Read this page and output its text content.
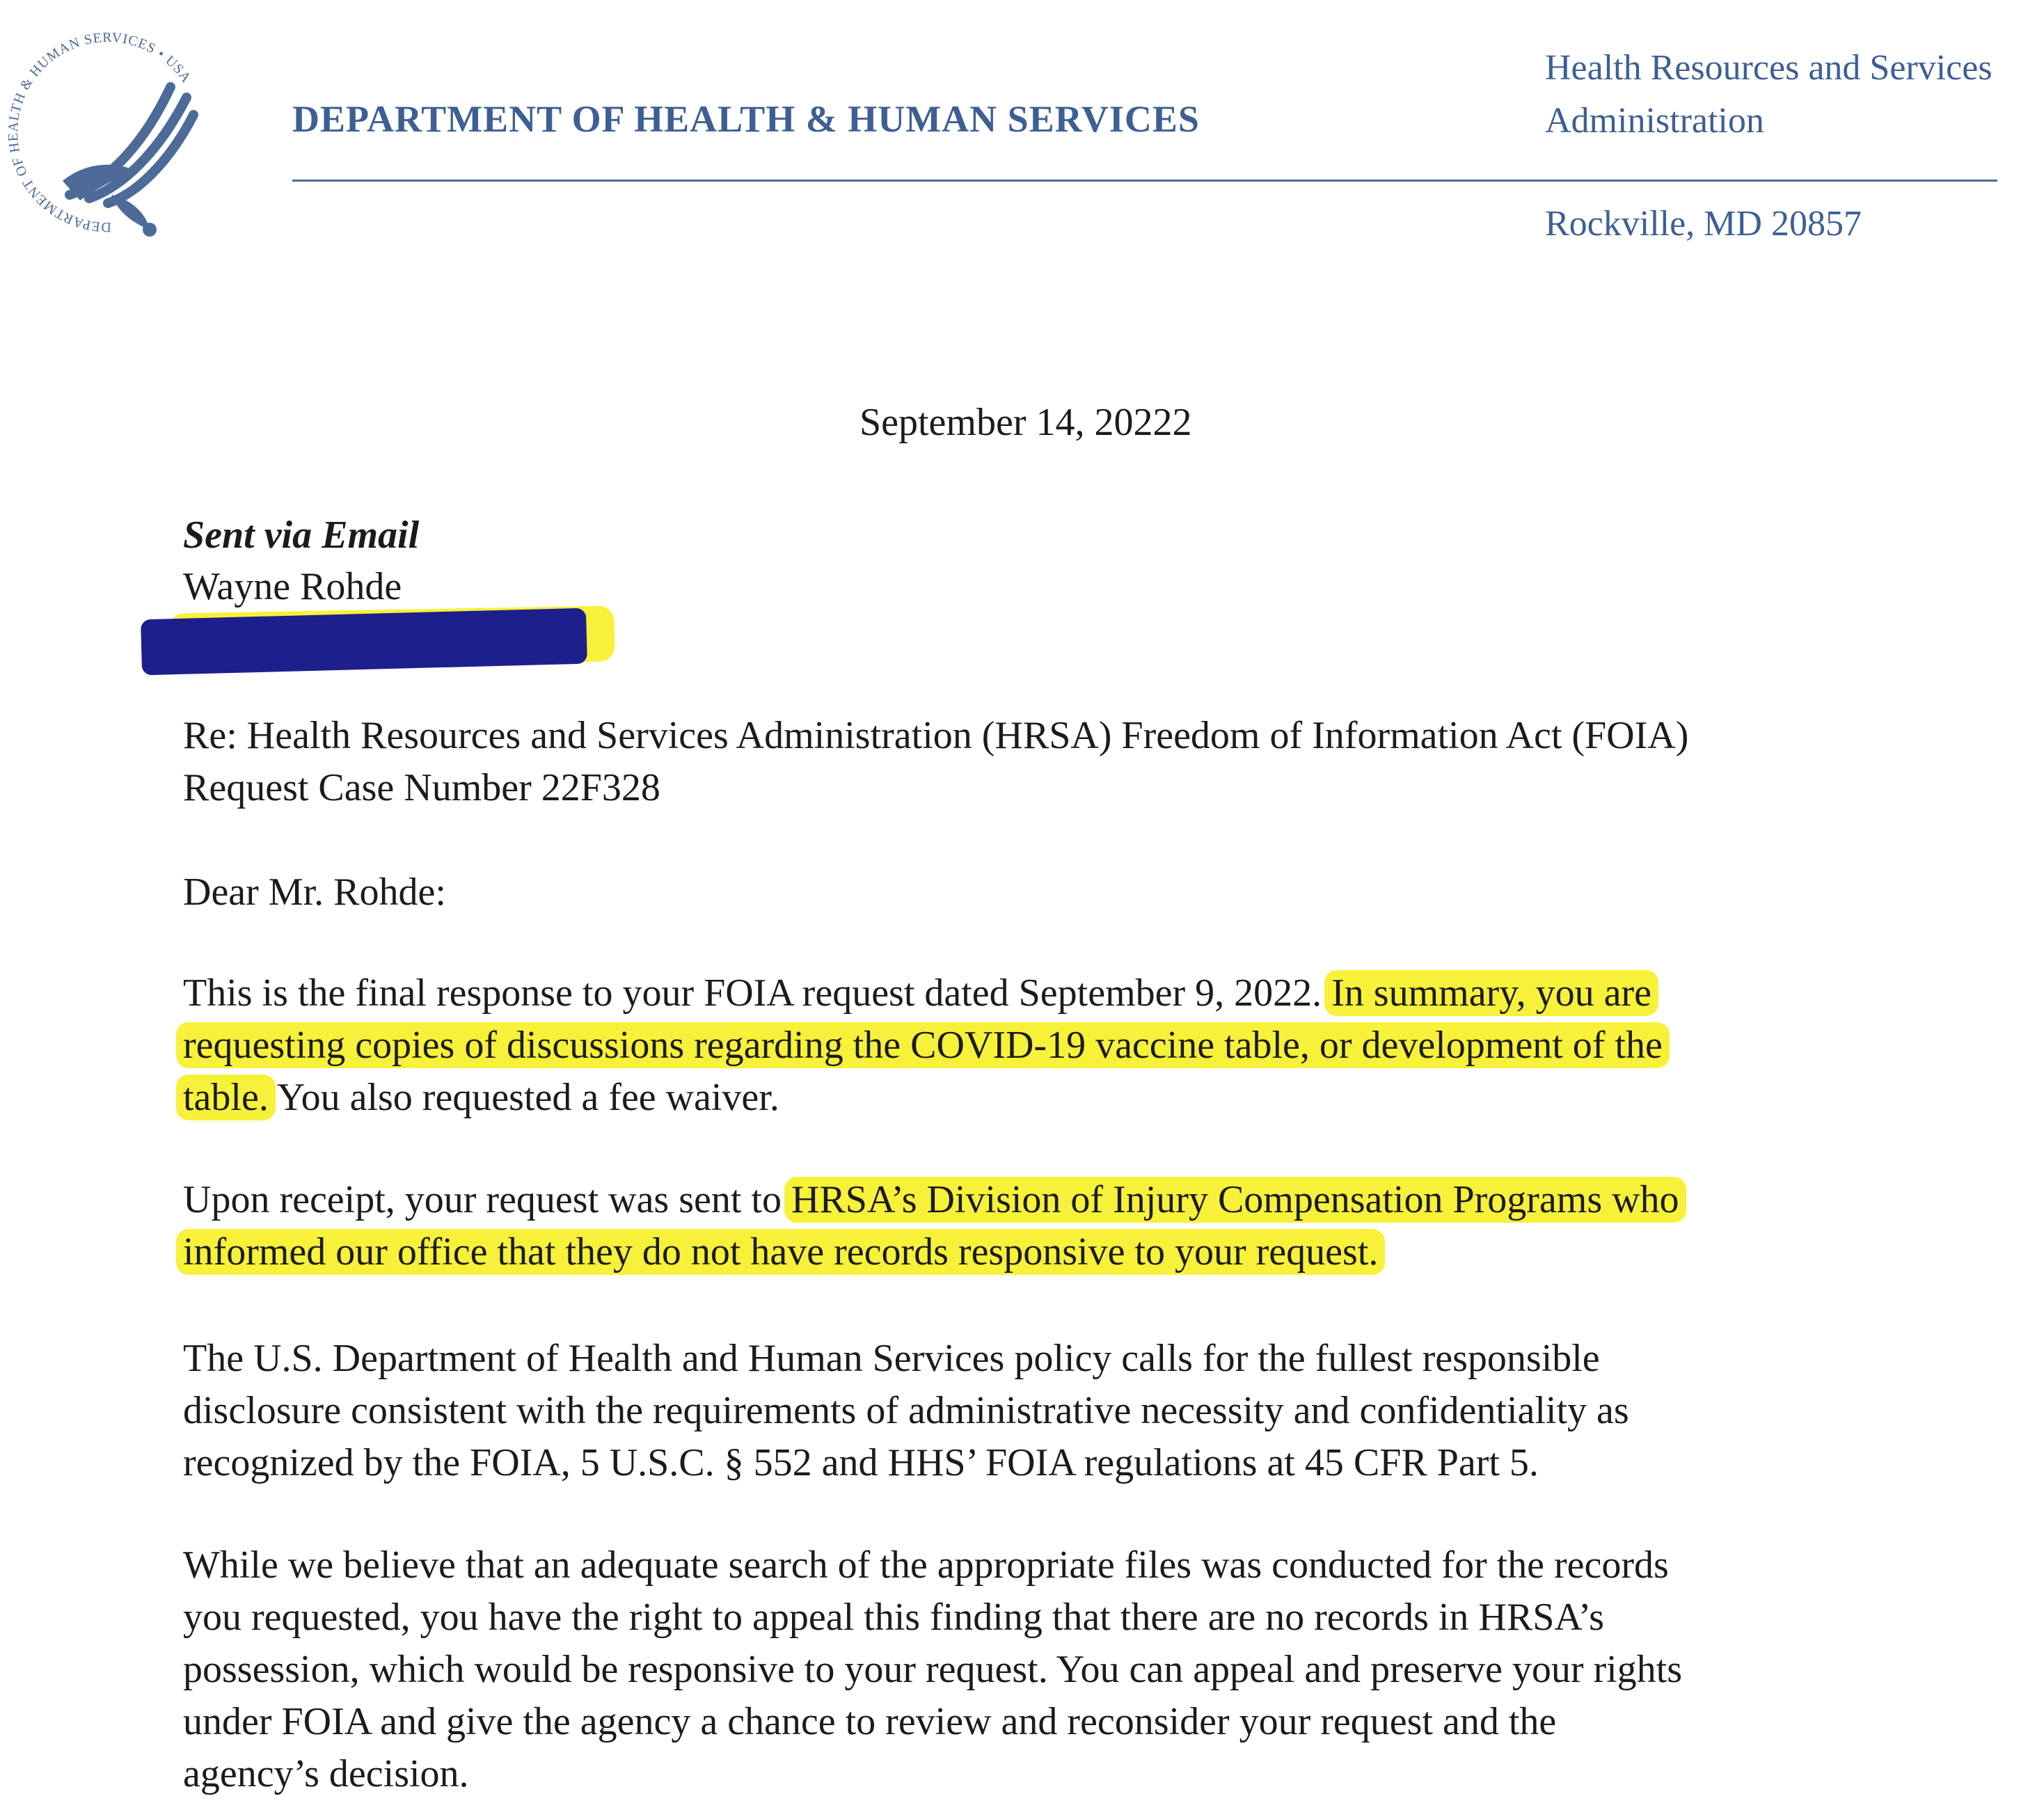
DEPARTMENT OF HEALTH & HUMAN SERVICES • USA
DEPARTMENT OF HEALTH & HUMAN SERVICES
Health Resources and Services
Administration
Rockville, MD 20857
September 14, 20222
Sent via Email
Wayne Rohde
Re: Health Resources and Services Administration (HRSA) Freedom of Information Act (FOIA)
Request Case Number 22F328
Dear Mr. Rohde:
This is the final response to your FOIA request dated September 9, 2022. In summary, you are
requesting copies of discussions regarding the COVID-19 vaccine table, or development of the
table. You also requested a fee waiver.
Upon receipt, your request was sent to HRSA’s Division of Injury Compensation Programs who
informed our office that they do not have records responsive to your request.
The U.S. Department of Health and Human Services policy calls for the fullest responsible
disclosure consistent with the requirements of administrative necessity and confidentiality as
recognized by the FOIA, 5 U.S.C. § 552 and HHS’ FOIA regulations at 45 CFR Part 5.
While we believe that an adequate search of the appropriate files was conducted for the records
you requested, you have the right to appeal this finding that there are no records in HRSA’s
possession, which would be responsive to your request. You can appeal and preserve your rights
under FOIA and give the agency a chance to review and reconsider your request and the
agency’s decision.
